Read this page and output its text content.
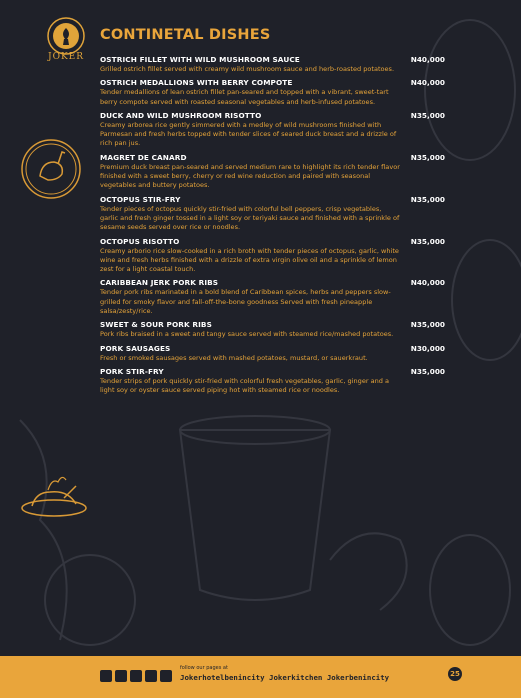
JOKER
CONTINETAL DISHES
OSTRICH FILLET WITH WILD MUSHROOM SAUCE	N40,000
Grilled ostrich fillet served with creamy wild mushroom sauce and herb-roasted potatoes.
OSTRICH MEDALLIONS WITH BERRY COMPOTE	N40,000
Tender medallions of lean ostrich fillet pan-seared and topped with a vibrant, sweet-tart berry compote served with roasted seasonal vegetables and herb-infused potatoes.
DUCK AND WILD MUSHROOM RISOTTO	N35,000
Creamy arborea rice gently simmered with a medley of wild mushrooms finished with Parmesan and fresh herbs topped with tender slices of seared duck breast and a drizzle of rich pan jus.
MAGRET DE CANARD	N35,000
Premium duck breast pan-seared and served medium rare to highlight its rich tender flavor finished with a sweet berry, cherry or red wine reduction and paired with seasonal vegetables and buttery potatoes.
OCTOPUS STIR-FRY	N35,000
Tender pieces of octopus quickly stir-fried with colorful bell peppers, crisp vegetables, garlic and fresh ginger tossed in a light soy or teriyaki sauce and finished with a sprinkle of sesame seeds served over rice or noodles.
OCTOPUS RISOTTO	N35,000
Creamy arborio rice slow-cooked in a rich broth with tender pieces of octopus, garlic, white wine and fresh herbs finished with a drizzle of extra virgin olive oil and a sprinkle of lemon zest for a light coastal touch.
CARIBBEAN JERK PORK RIBS	N40,000
Tender pork ribs marinated in a bold blend of Caribbean spices, herbs and peppers slow-grilled for smoky flavor and fall-off-the-bone goodness Served with fresh pineapple salsa/zesty/rice.
SWEET & SOUR PORK RIBS	N35,000
Pork ribs braised in a sweet and tangy sauce served with steamed rice/mashed potatoes.
PORK SAUSAGES	N30,000
Fresh or smoked sausages served with mashed potatoes, mustard, or sauerkraut.
PORK STIR-FRY	N35,000
Tender strips of pork quickly stir-fried with colorful fresh vegetables, garlic, ginger and a light soy or oyster sauce served piping hot with steamed rice or noodles.
follow our pages at
Jokerhotelbenincity Jokerkitchen Jokerbenincity	25
